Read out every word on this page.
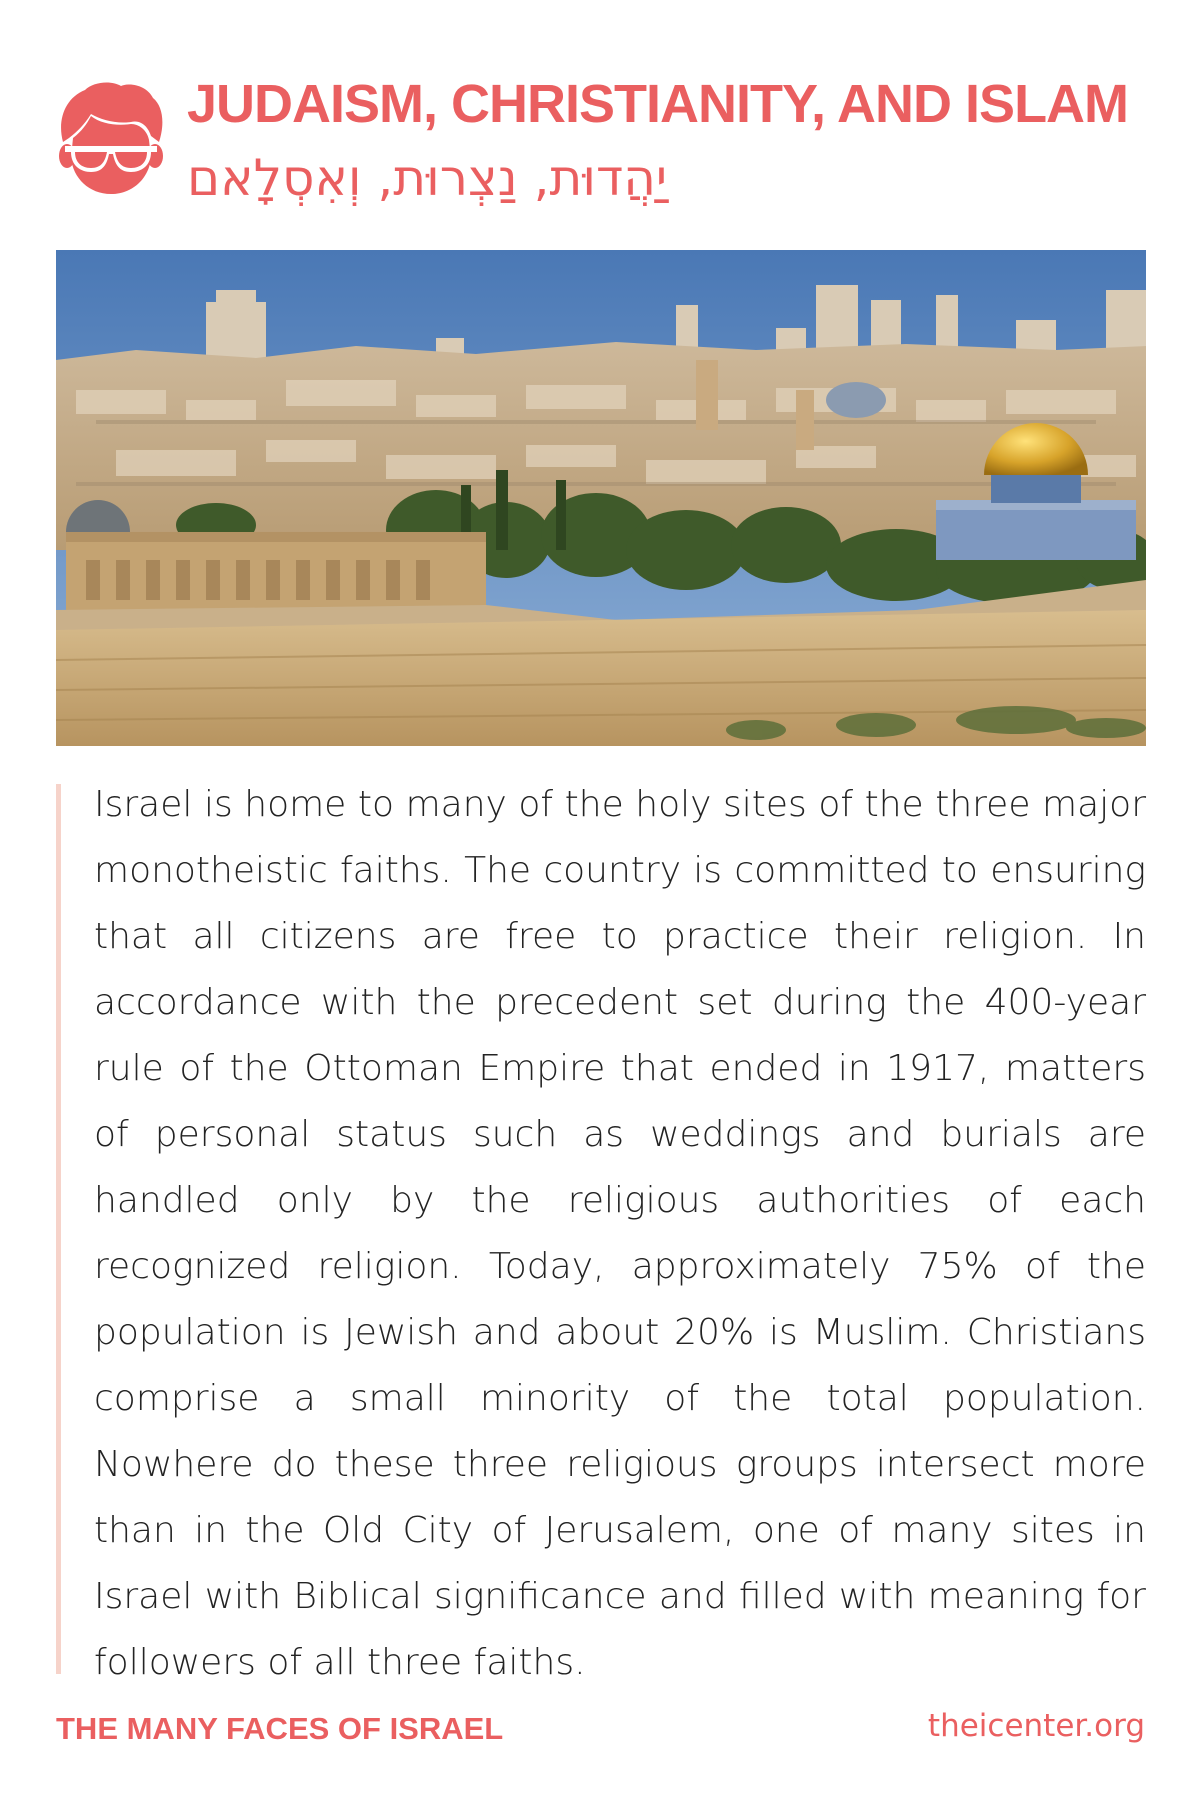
JUDAISM, CHRISTIANITY, AND ISLAM
יַהֲדוּת, נַצְרוּת, וְאִסְלָאם

Israel is home to many of the holy sites of the three major monotheistic faiths. The country is committed to ensuring that all citizens are free to practice their religion. In accordance with the precedent set during the 400-year rule of the Ottoman Empire that ended in 1917, matters of personal status such as weddings and burials are handled only by the religious authorities of each recognized religion. Today, approximately 75% of the population is Jewish and about 20% is Muslim. Christians comprise a small minority of the total population. Nowhere do these three religious groups intersect more than in the Old City of Jerusalem, one of many sites in Israel with Biblical significance and filled with meaning for followers of all three faiths.

THE MANY FACES OF ISRAEL	theicenter.org
